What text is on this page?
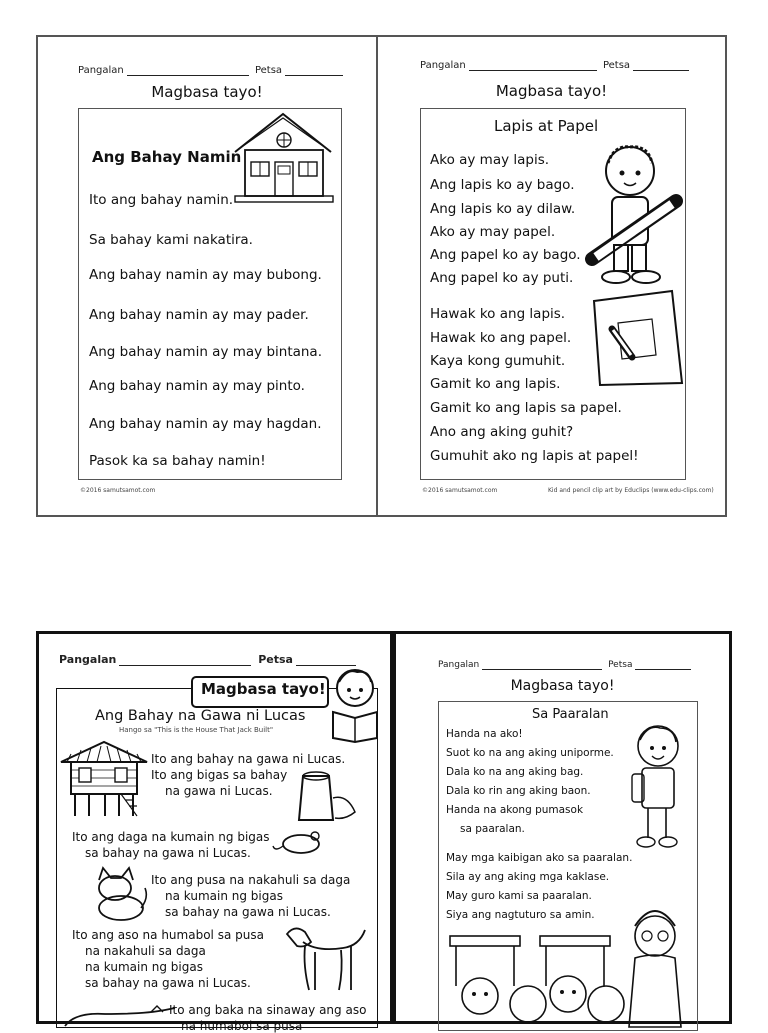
Pangalan	Petsa
Magbasa tayo!
Ang Bahay Namin
Ito ang bahay namin.
Sa bahay kami nakatira.
Ang bahay namin ay may bubong.
Ang bahay namin ay may pader.
Ang bahay namin ay may bintana.
Ang bahay namin ay may pinto.
Ang bahay namin ay may hagdan.
Pasok ka sa bahay namin!
©2016 samutsamot.com
Pangalan	Petsa
Magbasa tayo!
Lapis at Papel
Ako ay may lapis.
Ang lapis ko ay bago.
Ang lapis ko ay dilaw.
Ako ay may papel.
Ang papel ko ay bago.
Ang papel ko ay puti.
Hawak ko ang lapis.
Hawak ko ang papel.
Kaya kong gumuhit.
Gamit ko ang lapis.
Gamit ko ang lapis sa papel.
Ano ang aking guhit?
Gumuhit ako ng lapis at papel!
©2016 samutsamot.com	Kid and pencil clip art by Educlips (www.edu-clips.com)
Pangalan	Petsa
Magbasa tayo!
Ang Bahay na Gawa ni Lucas
Hango sa "This is the House That Jack Built"
Ito ang bahay na gawa ni Lucas.
Ito ang bigas sa bahay
na gawa ni Lucas.
Ito ang daga na kumain ng bigas
sa bahay na gawa ni Lucas.
Ito ang pusa na nakahuli sa daga
na kumain ng bigas
sa bahay na gawa ni Lucas.
Ito ang aso na humabol sa pusa
na nakahuli sa daga
na kumain ng bigas
sa bahay na gawa ni Lucas.
Ito ang baka na sinaway ang aso
na humabol sa pusa
Pangalan	Petsa
Magbasa tayo!
Sa Paaralan
Handa na ako!
Suot ko na ang aking uniporme.
Dala ko na ang aking bag.
Dala ko rin ang aking baon.
Handa na akong pumasok
sa paaralan.
May mga kaibigan ako sa paaralan.
Sila ay ang aking mga kaklase.
May guro kami sa paaralan.
Siya ang nagtuturo sa amin.
